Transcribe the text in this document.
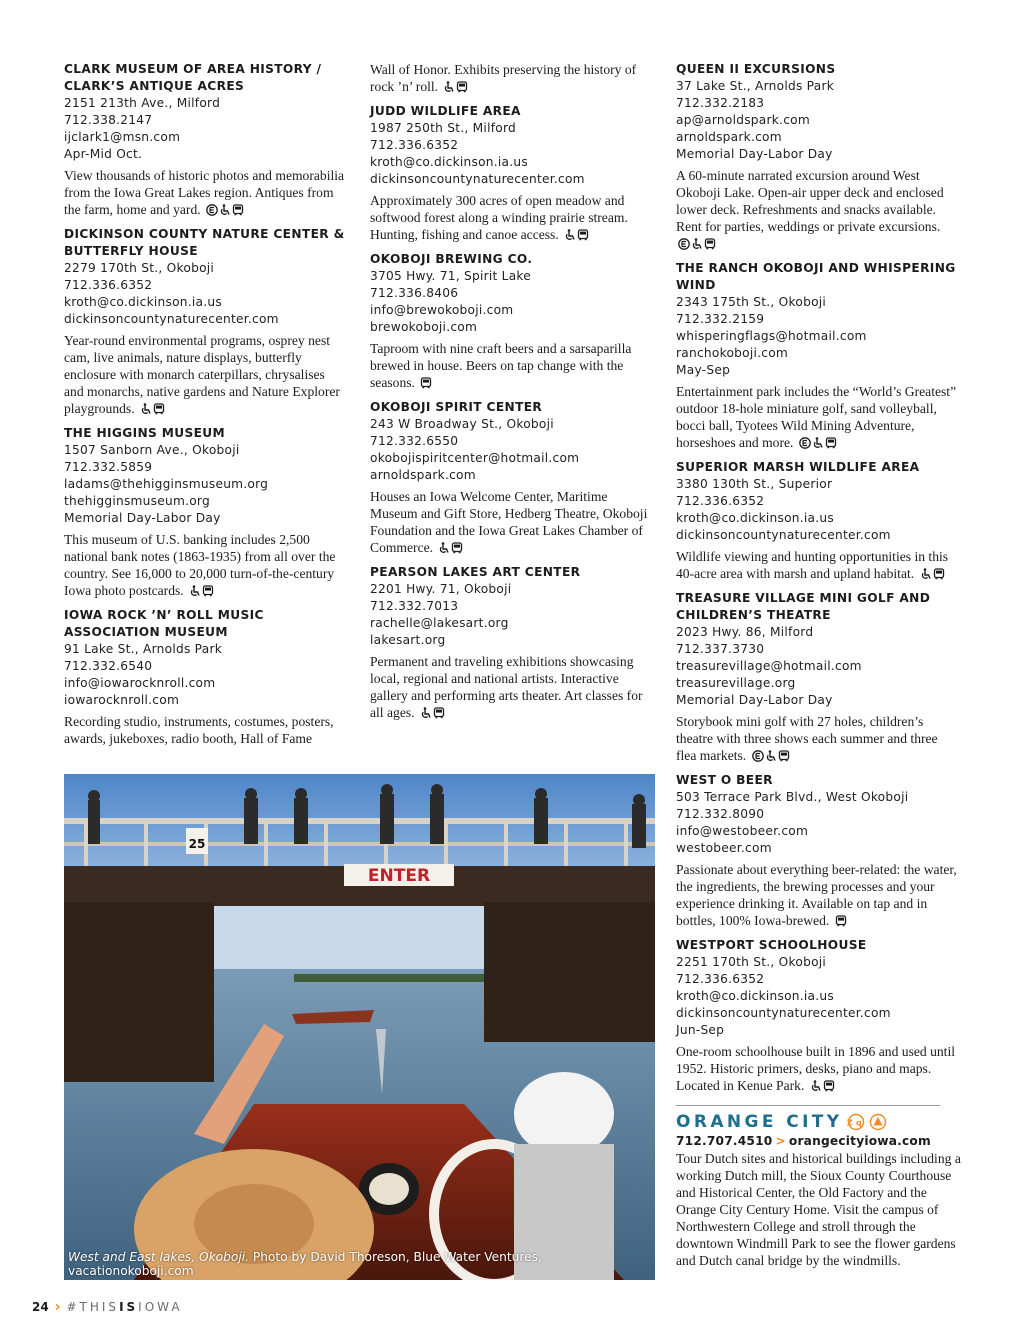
CLARK MUSEUM OF AREA HISTORY / CLARK’S ANTIQUE ACRES
2151 213th Ave., Milford
712.338.2147
ijclark1@msn.com
Apr-Mid Oct.

View thousands of historic photos and memorabilia from the Iowa Great Lakes region. Antiques from the farm, home and yard.

DICKINSON COUNTY NATURE CENTER & BUTTERFLY HOUSE
2279 170th St., Okoboji
712.336.6352
kroth@co.dickinson.ia.us
dickinsoncountynaturecenter.com

Year-round environmental programs, osprey nest cam, live animals, nature displays, butterfly enclosure with monarch caterpillars, chrysalises and monarchs, native gardens and Nature Explorer playgrounds.

THE HIGGINS MUSEUM
1507 Sanborn Ave., Okoboji
712.332.5859
ladams@thehigginsmuseum.org
thehigginsmuseum.org
Memorial Day-Labor Day

This museum of U.S. banking includes 2,500 national bank notes (1863-1935) from all over the country. See 16,000 to 20,000 turn-of-the-century Iowa photo postcards.

IOWA ROCK ’N’ ROLL MUSIC ASSOCIATION MUSEUM
91 Lake St., Arnolds Park
712.332.6540
info@iowarocknroll.com
iowarocknroll.com

Recording studio, instruments, costumes, posters, awards, jukeboxes, radio booth, Hall of Fame

Wall of Honor. Exhibits preserving the history of rock ’n’ roll.

JUDD WILDLIFE AREA
1987 250th St., Milford
712.336.6352
kroth@co.dickinson.ia.us
dickinsoncountynaturecenter.com

Approximately 300 acres of open meadow and softwood forest along a winding prairie stream. Hunting, fishing and canoe access.

OKOBOJI BREWING CO.
3705 Hwy. 71, Spirit Lake
712.336.8406
info@brewokoboji.com
brewokoboji.com

Taproom with nine craft beers and a sarsaparilla brewed in house. Beers on tap change with the seasons.

OKOBOJI SPIRIT CENTER
243 W Broadway St., Okoboji
712.332.6550
okobojispiritcenter@hotmail.com
arnoldspark.com

Houses an Iowa Welcome Center, Maritime Museum and Gift Store, Hedberg Theatre, Okoboji Foundation and the Iowa Great Lakes Chamber of Commerce.

PEARSON LAKES ART CENTER
2201 Hwy. 71, Okoboji
712.332.7013
rachelle@lakesart.org
lakesart.org

Permanent and traveling exhibitions showcasing local, regional and national artists. Interactive gallery and performing arts theater. Art classes for all ages.

QUEEN II EXCURSIONS
37 Lake St., Arnolds Park
712.332.2183
ap@arnoldspark.com
arnoldspark.com
Memorial Day-Labor Day

A 60-minute narrated excursion around West Okoboji Lake. Open-air upper deck and enclosed lower deck. Refreshments and snacks available. Rent for parties, weddings or private excursions.

THE RANCH OKOBOJI AND WHISPERING WIND
2343 175th St., Okoboji
712.332.2159
whisperingflags@hotmail.com
ranchokoboji.com
May-Sep

Entertainment park includes the “World’s Greatest” outdoor 18-hole miniature golf, sand volleyball, bocci ball, Tyotees Wild Mining Adventure, horseshoes and more.

SUPERIOR MARSH WILDLIFE AREA
3380 130th St., Superior
712.336.6352
kroth@co.dickinson.ia.us
dickinsoncountynaturecenter.com

Wildlife viewing and hunting opportunities in this 40-acre area with marsh and upland habitat.

TREASURE VILLAGE MINI GOLF AND CHILDREN’S THEATRE
2023 Hwy. 86, Milford
712.337.3730
treasurevillage@hotmail.com
treasurevillage.org
Memorial Day-Labor Day

Storybook mini golf with 27 holes, children’s theatre with three shows each summer and three flea markets.

WEST O BEER
503 Terrace Park Blvd., West Okoboji
712.332.8090
info@westobeer.com
westobeer.com

Passionate about everything beer-related: the water, the ingredients, the brewing processes and your experience drinking it. Available on tap and in bottles, 100% Iowa-brewed.

WESTPORT SCHOOLHOUSE
2251 170th St., Okoboji
712.336.6352
kroth@co.dickinson.ia.us
dickinsoncountynaturecenter.com
Jun-Sep

One-room schoolhouse built in 1896 and used until 1952. Historic primers, desks, piano and maps. Located in Kenue Park.

ENTER
25
West and East lakes, Okoboji. Photo by David Thoreson, Blue Water Ventures,
vacationokoboji.com
ORANGE CITY Zq
712.707.4510 > orangecityiowa.com

Tour Dutch sites and historical buildings including a working Dutch mill, the Sioux County Courthouse and Historical Center, the Old Factory and the Orange City Century Home. Visit the campus of Northwestern College and stroll through the downtown Windmill Park to see the flower gardens and Dutch canal bridge by the windmills.

24 › #THISISIOWA
